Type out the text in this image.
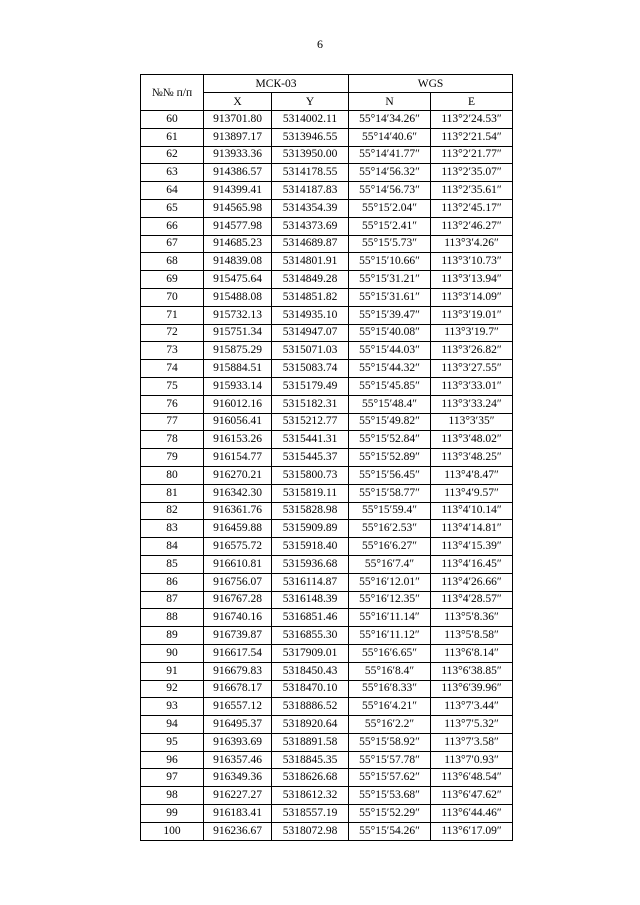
6
№№ п/п	МСК-03		WGS	
	X	Y	N	E
60	913701.80	5314002.11	55°14′34.26″	113°2′24.53″
61	913897.17	5313946.55	55°14′40.6″	113°2′21.54″
62	913933.36	5313950.00	55°14′41.77″	113°2′21.77″
63	914386.57	5314178.55	55°14′56.32″	113°2′35.07″
64	914399.41	5314187.83	55°14′56.73″	113°2′35.61″
65	914565.98	5314354.39	55°15′2.04″	113°2′45.17″
66	914577.98	5314373.69	55°15′2.41″	113°2′46.27″
67	914685.23	5314689.87	55°15′5.73″	113°3′4.26″
68	914839.08	5314801.91	55°15′10.66″	113°3′10.73″
69	915475.64	5314849.28	55°15′31.21″	113°3′13.94″
70	915488.08	5314851.82	55°15′31.61″	113°3′14.09″
71	915732.13	5314935.10	55°15′39.47″	113°3′19.01″
72	915751.34	5314947.07	55°15′40.08″	113°3′19.7″
73	915875.29	5315071.03	55°15′44.03″	113°3′26.82″
74	915884.51	5315083.74	55°15′44.32″	113°3′27.55″
75	915933.14	5315179.49	55°15′45.85″	113°3′33.01″
76	916012.16	5315182.31	55°15′48.4″	113°3′33.24″
77	916056.41	5315212.77	55°15′49.82″	113°3′35″
78	916153.26	5315441.31	55°15′52.84″	113°3′48.02″
79	916154.77	5315445.37	55°15′52.89″	113°3′48.25″
80	916270.21	5315800.73	55°15′56.45″	113°4′8.47″
81	916342.30	5315819.11	55°15′58.77″	113°4′9.57″
82	916361.76	5315828.98	55°15′59.4″	113°4′10.14″
83	916459.88	5315909.89	55°16′2.53″	113°4′14.81″
84	916575.72	5315918.40	55°16′6.27″	113°4′15.39″
85	916610.81	5315936.68	55°16′7.4″	113°4′16.45″
86	916756.07	5316114.87	55°16′12.01″	113°4′26.66″
87	916767.28	5316148.39	55°16′12.35″	113°4′28.57″
88	916740.16	5316851.46	55°16′11.14″	113°5′8.36″
89	916739.87	5316855.30	55°16′11.12″	113°5′8.58″
90	916617.54	5317909.01	55°16′6.65″	113°6′8.14″
91	916679.83	5318450.43	55°16′8.4″	113°6′38.85″
92	916678.17	5318470.10	55°16′8.33″	113°6′39.96″
93	916557.12	5318886.52	55°16′4.21″	113°7′3.44″
94	916495.37	5318920.64	55°16′2.2″	113°7′5.32″
95	916393.69	5318891.58	55°15′58.92″	113°7′3.58″
96	916357.46	5318845.35	55°15′57.78″	113°7′0.93″
97	916349.36	5318626.68	55°15′57.62″	113°6′48.54″
98	916227.27	5318612.32	55°15′53.68″	113°6′47.62″
99	916183.41	5318557.19	55°15′52.29″	113°6′44.46″
100	916236.67	5318072.98	55°15′54.26″	113°6′17.09″
